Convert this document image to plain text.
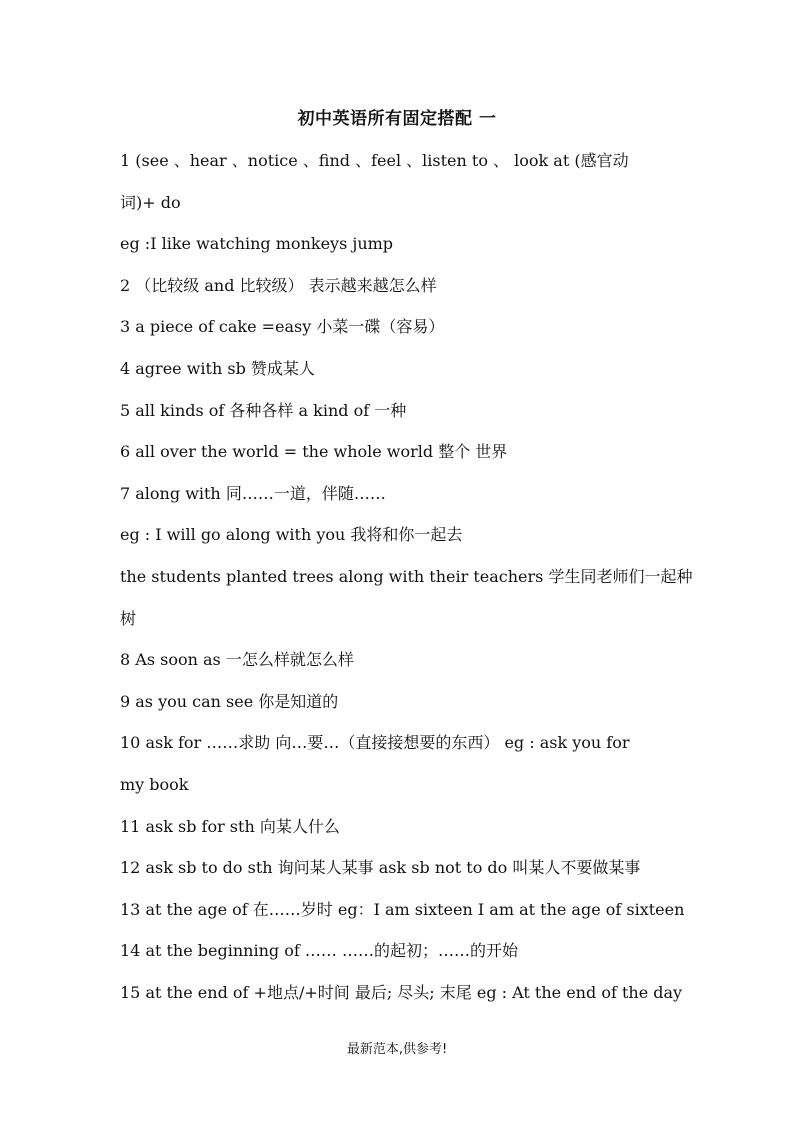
初中英语所有固定搭配 一
1 (see 、hear 、notice 、find 、feel 、listen to 、 look at (感官动
词)+ do
eg :I like watching monkeys jump
2 （比较级 and 比较级） 表示越来越怎么样
3 a piece of cake =easy 小菜一碟（容易）
4 agree with sb 赞成某人
5 all kinds of 各种各样 a kind of 一种
6 all over the world = the whole world 整个 世界
7 along with 同……一道，伴随……
eg : I will go along with you 我将和你一起去
the students planted trees along with their teachers 学生同老师们一起种
树
8 As soon as 一怎么样就怎么样
9 as you can see 你是知道的
10 ask for ……求助 向…要…（直接接想要的东西） eg : ask you for
my book
11 ask sb for sth 向某人什么
12 ask sb to do sth 询问某人某事 ask sb not to do 叫某人不要做某事
13 at the age of 在……岁时 eg：I am sixteen I am at the age of sixteen
14 at the beginning of …… ……的起初；……的开始
15 at the end of +地点/+时间 最后; 尽头; 末尾 eg : At the end of the day
最新范本,供参考!
